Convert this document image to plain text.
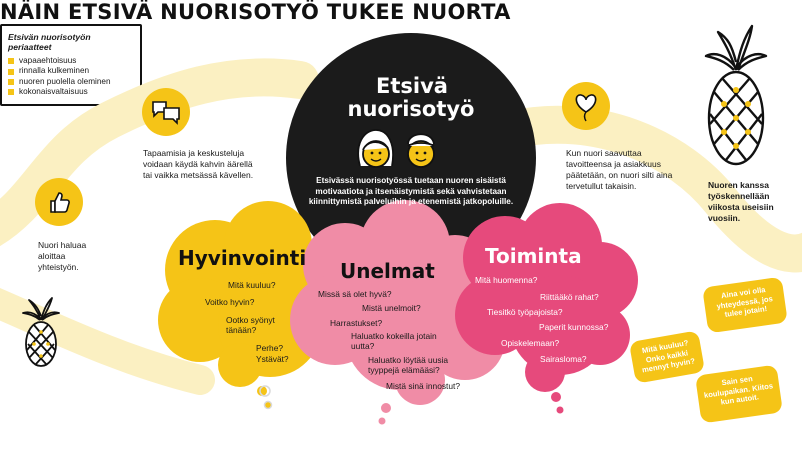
NÄIN ETSIVÄ NUORISOTYÖ TUKEE NUORTA
Nuori haluaa aloittaa yhteistyön.
Tapaamisia ja keskusteluja voidaan käydä kahvin äärellä tai vaikka metsässä kävellen.
Kun nuori saavuttaa tavoitteensa ja asiakkuus päätetään, on nuori silti aina tervetullut takaisin.	Nuoren kanssa työskennellään viikosta useisiin vuosiin.
Etsivä
nuorisotyö
Etsivässä nuorisotyössä tuetaan nuoren sisäistä motivaatiota ja itsenäistymistä sekä vahvistetaan kiinnittymistä palveluihin ja etenemistä jatkopoluille.
Hyvinvointi
Mitä kuuluu?
Voitko hyvin?
Ootko syönyt tänään?
Perhe?
Ystävät?
Unelmat
Missä sä olet hyvä?
Mistä unelmoit?
Harrastukset?
Haluatko kokeilla jotain uutta?
Haluatko löytää uusia tyyppejä elämääsi?
Mistä sinä innostut?
Toiminta
Mitä huomenna?
Riittääkö rahat?
Tiesitkö työpajoista?
Paperit kunnossa?
Opiskelemaan?
Sairasloma?
Mitä kuuluu? Onko kaikki mennyt hyvin?
Aina voi olla yhteydessä, jos tulee jotain!
Sain sen koulupaikan. Kiitos kun autoit.
Etsivän nuorisotyön periaatteet
vapaaehtoisuus
rinnalla kulkeminen
nuoren puolella oleminen
kokonaisvaltaisuus
